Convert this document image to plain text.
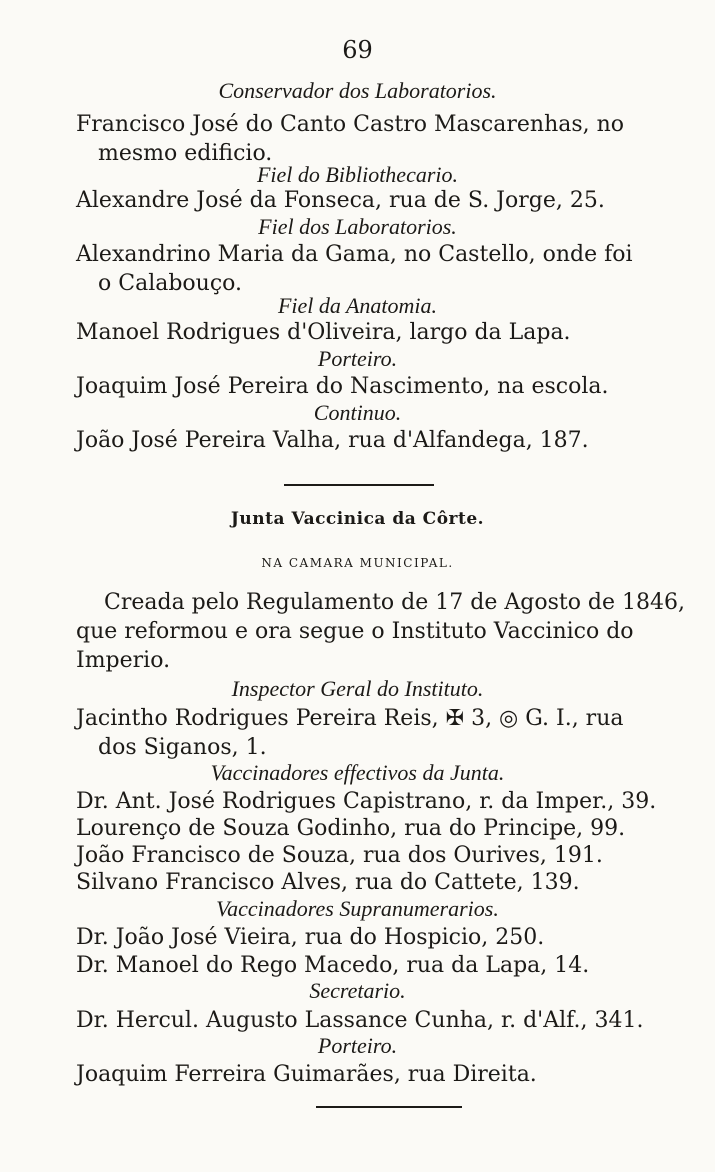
69
Conservador dos Laboratorios.
Francisco José do Canto Castro Mascarenhas, no
mesmo edificio.
Fiel do Bibliothecario.
Alexandre José da Fonseca, rua de S. Jorge, 25.
Fiel dos Laboratorios.
Alexandrino Maria da Gama, no Castello, onde foi
o Calabouço.
Fiel da Anatomia.
Manoel Rodrigues d'Oliveira, largo da Lapa.
Porteiro.
Joaquim José Pereira do Nascimento, na escola.
Continuo.
João José Pereira Valha, rua d'Alfandega, 187.
Junta Vaccinica da Côrte.
NA CAMARA MUNICIPAL.
Creada pelo Regulamento de 17 de Agosto de 1846,
que reformou e ora segue o Instituto Vaccinico do
Imperio.
Inspector Geral do Instituto.
Jacintho Rodrigues Pereira Reis, ✠ 3, ◎ G. I., rua
dos Siganos, 1.
Vaccinadores effectivos da Junta.
Dr. Ant. José Rodrigues Capistrano, r. da Imper., 39.
Lourenço de Souza Godinho, rua do Principe, 99.
João Francisco de Souza, rua dos Ourives, 191.
Silvano Francisco Alves, rua do Cattete, 139.
Vaccinadores Supranumerarios.
Dr. João José Vieira, rua do Hospicio, 250.
Dr. Manoel do Rego Macedo, rua da Lapa, 14.
Secretario.
Dr. Hercul. Augusto Lassance Cunha, r. d'Alf., 341.
Porteiro.
Joaquim Ferreira Guimarães, rua Direita.
